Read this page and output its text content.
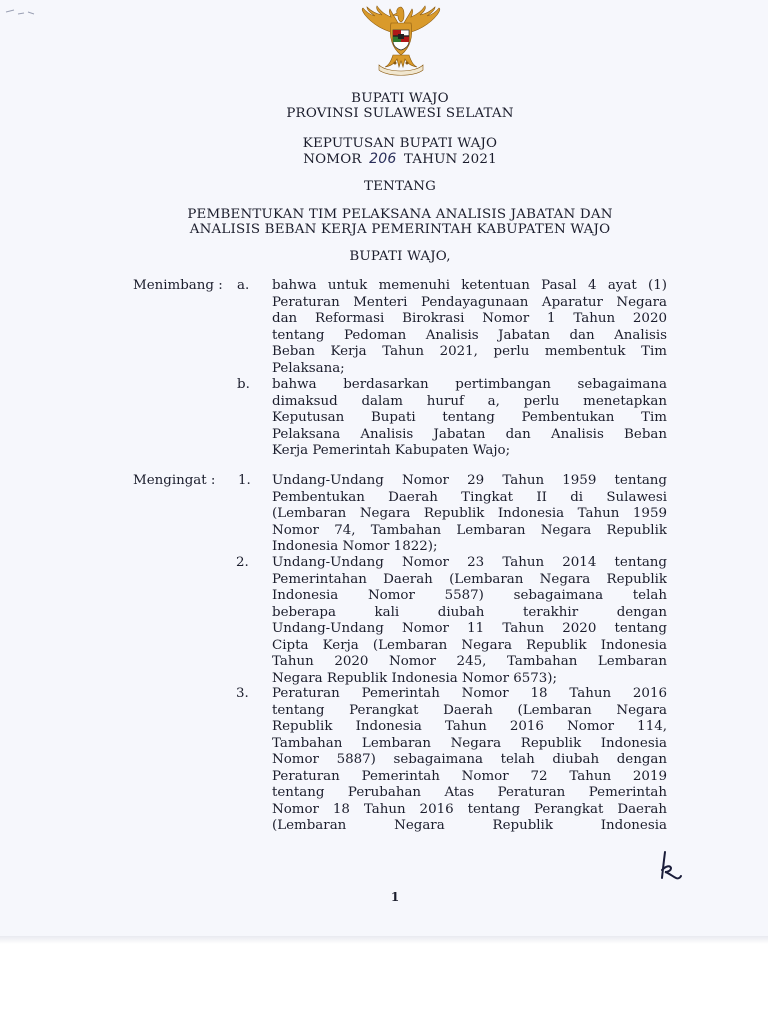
BUPATI WAJO
PROVINSI SULAWESI SELATAN
KEPUTUSAN BUPATI WAJO
NOMOR 206 TAHUN 2021
TENTANG
PEMBENTUKAN TIM PELAKSANA ANALISIS JABATAN DAN
ANALISIS BEBAN KERJA PEMERINTAH KABUPATEN WAJO
BUPATI WAJO,
Menimbang : a. bahwa untuk memenuhi ketentuan Pasal 4 ayat (1)
Peraturan Menteri Pendayagunaan Aparatur Negara
dan Reformasi Birokrasi Nomor 1 Tahun 2020
tentang Pedoman Analisis Jabatan dan Analisis
Beban Kerja Tahun 2021, perlu membentuk Tim
Pelaksana;
b. bahwa berdasarkan pertimbangan sebagaimana
dimaksud dalam huruf a, perlu menetapkan
Keputusan Bupati tentang Pembentukan Tim
Pelaksana Analisis Jabatan dan Analisis Beban
Kerja Pemerintah Kabupaten Wajo;
Mengingat : 1. Undang-Undang Nomor 29 Tahun 1959 tentang
Pembentukan Daerah Tingkat II di Sulawesi
(Lembaran Negara Republik Indonesia Tahun 1959
Nomor 74, Tambahan Lembaran Negara Republik
Indonesia Nomor 1822);
2. Undang-Undang Nomor 23 Tahun 2014 tentang
Pemerintahan Daerah (Lembaran Negara Republik
Indonesia Nomor 5587) sebagaimana telah
beberapa kali diubah terakhir dengan
Undang-Undang Nomor 11 Tahun 2020 tentang
Cipta Kerja (Lembaran Negara Republik Indonesia
Tahun 2020 Nomor 245, Tambahan Lembaran
Negara Republik Indonesia Nomor 6573);
3. Peraturan Pemerintah Nomor 18 Tahun 2016
tentang Perangkat Daerah (Lembaran Negara
Republik Indonesia Tahun 2016 Nomor 114,
Tambahan Lembaran Negara Republik Indonesia
Nomor 5887) sebagaimana telah diubah dengan
Peraturan Pemerintah Nomor 72 Tahun 2019
tentang Perubahan Atas Peraturan Pemerintah
Nomor 18 Tahun 2016 tentang Perangkat Daerah
(Lembaran Negara Republik Indonesia
1
